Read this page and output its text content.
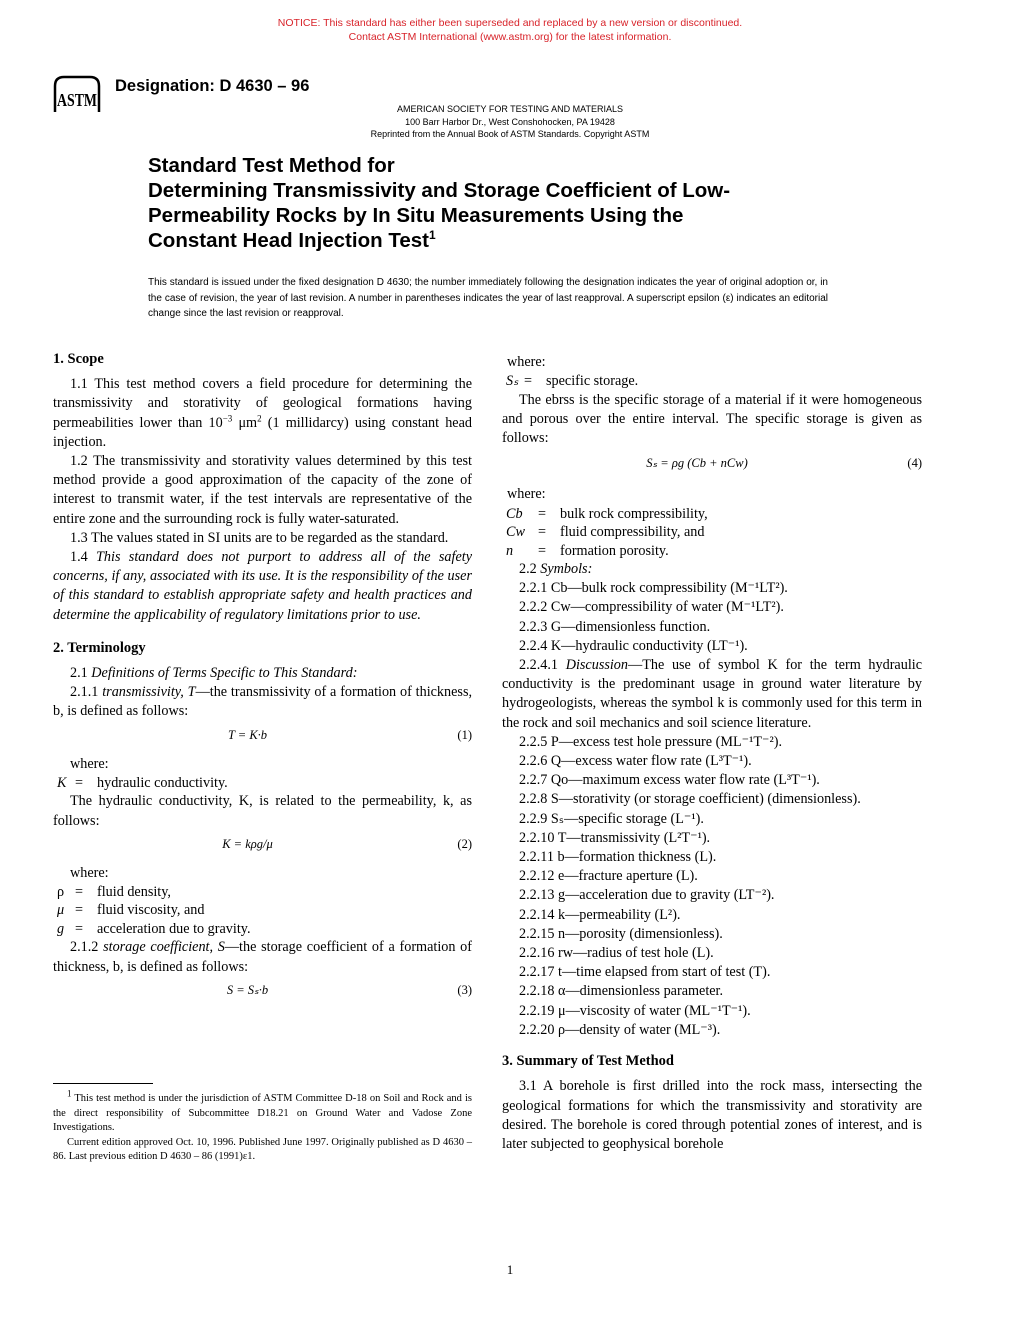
NOTICE: This standard has either been superseded and replaced by a new version or discontinued.
Contact ASTM International (www.astm.org) for the latest information.
ASTM
Designation: D 4630 – 96
AMERICAN SOCIETY FOR TESTING AND MATERIALS
100 Barr Harbor Dr., West Conshohocken, PA 19428
Reprinted from the Annual Book of ASTM Standards. Copyright ASTM
Standard Test Method for
Determining Transmissivity and Storage Coefficient of Low-
Permeability Rocks by In Situ Measurements Using the
Constant Head Injection Test$^1$
This standard is issued under the fixed designation D 4630; the number immediately following the designation indicates the year of original adoption or, in the case of revision, the year of last revision. A number in parentheses indicates the year of last reapproval. A superscript epsilon (ε) indicates an editorial change since the last revision or reapproval.

1. Scope

1.1 This test method covers a field procedure for determining the transmissivity and storativity of geological formations having permeabilities lower than $10^{-3}$ $\mu m^2$ (1 millidarcy) using constant head injection.

1.2 The transmissivity and storativity values determined by this test method provide a good approximation of the capacity of the zone of interest to transmit water, if the test intervals are representative of the entire zone and the surrounding rock is fully water-saturated.

1.3 The values stated in SI units are to be regarded as the standard.

1.4 This standard does not purport to address all of the safety concerns, if any, associated with its use. It is the responsibility of the user of this standard to establish appropriate safety and health practices and determine the applicability of regulatory limitations prior to use.

2. Terminology

2.1 Definitions of Terms Specific to This Standard:

2.1.1 transmissivity, T—the transmissivity of a formation of thickness, b, is defined as follows:

T = K·b	(1)

where:

K = hydraulic conductivity.

The hydraulic conductivity, K, is related to the permeability, k, as follows:

K = kρg/μ	(2)

where:

ρ = fluid density,
μ = fluid viscosity, and
g = acceleration due to gravity.

2.1.2 storage coefficient, S—the storage coefficient of a formation of thickness, b, is defined as follows:

S = Sₛ·b	(3)
$^1$ This test method is under the jurisdiction of ASTM Committee D-18 on Soil and Rock and is the direct responsibility of Subcommittee D18.21 on Ground Water and Vadose Zone Investigations.
Current edition approved Oct. 10, 1996. Published June 1997. Originally published as D 4630 – 86. Last previous edition D 4630 – 86 (1991)ε1.

where:

Sₛ = specific storage.

The ebrss is the specific storage of a material if it were homogeneous and porous over the entire interval. The specific storage is given as follows:

Sₛ = ρg (Cb + nCw)	(4)

where:

Cb	= bulk rock compressibility,
Cw = fluid compressibility, and
n	= formation porosity.

2.2 Symbols:

2.2.1 Cb—bulk rock compressibility (M⁻¹LT²).

2.2.2 Cw—compressibility of water (M⁻¹LT²).

2.2.3 G—dimensionless function.

2.2.4 K—hydraulic conductivity (LT⁻¹).

2.2.4.1 Discussion—The use of symbol K for the term hydraulic conductivity is the predominant usage in ground water literature by hydrogeologists, whereas the symbol k is commonly used for this term in the rock and soil mechanics and soil science literature.

2.2.5 P—excess test hole pressure (ML⁻¹T⁻²).

2.2.6 Q—excess water flow rate (L³T⁻¹).

2.2.7 Qo—maximum excess water flow rate (L³T⁻¹).

2.2.8 S—storativity (or storage coefficient) (dimensionless).

2.2.9 Sₛ—specific storage (L⁻¹).

2.2.10 T—transmissivity (L²T⁻¹).

2.2.11 b—formation thickness (L).

2.2.12 e—fracture aperture (L).

2.2.13 g—acceleration due to gravity (LT⁻²).

2.2.14 k—permeability (L²).

2.2.15 n—porosity (dimensionless).

2.2.16 rw—radius of test hole (L).

2.2.17 t—time elapsed from start of test (T).

2.2.18 α—dimensionless parameter.

2.2.19 μ—viscosity of water (ML⁻¹T⁻¹).

2.2.20 ρ—density of water (ML⁻³).

3. Summary of Test Method

3.1 A borehole is first drilled into the rock mass, intersecting the geological formations for which the transmissivity and storativity are desired. The borehole is cored through potential zones of interest, and is later subjected to geophysical borehole

1
